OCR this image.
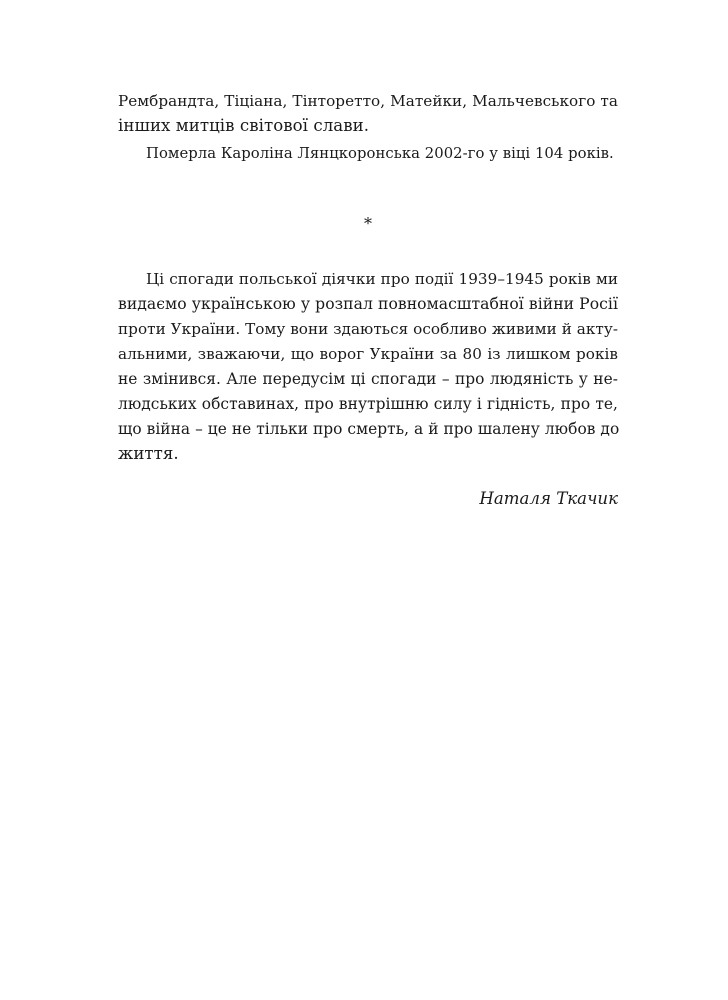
Рембрандта, Тіціана, Тінторетто, Матейки, Мальчевського та
інших митців світової слави.
Померла Кароліна Лянцкоронська 2002-го у віці 104 років.
*
Ці спогади польської діячки про події 1939–1945 років ми
видаємо українською у розпал повномасштабної війни Росії
проти України. Тому вони здаються особливо живими й акту-
альними, зважаючи, що ворог України за 80 із лишком років
не змінився. Але передусім ці спогади – про людяність у не-
людських обставинах, про внутрішню силу і гідність, про те,
що війна – це не тільки про смерть, а й про шалену любов до
життя.
Наталя Ткачик
